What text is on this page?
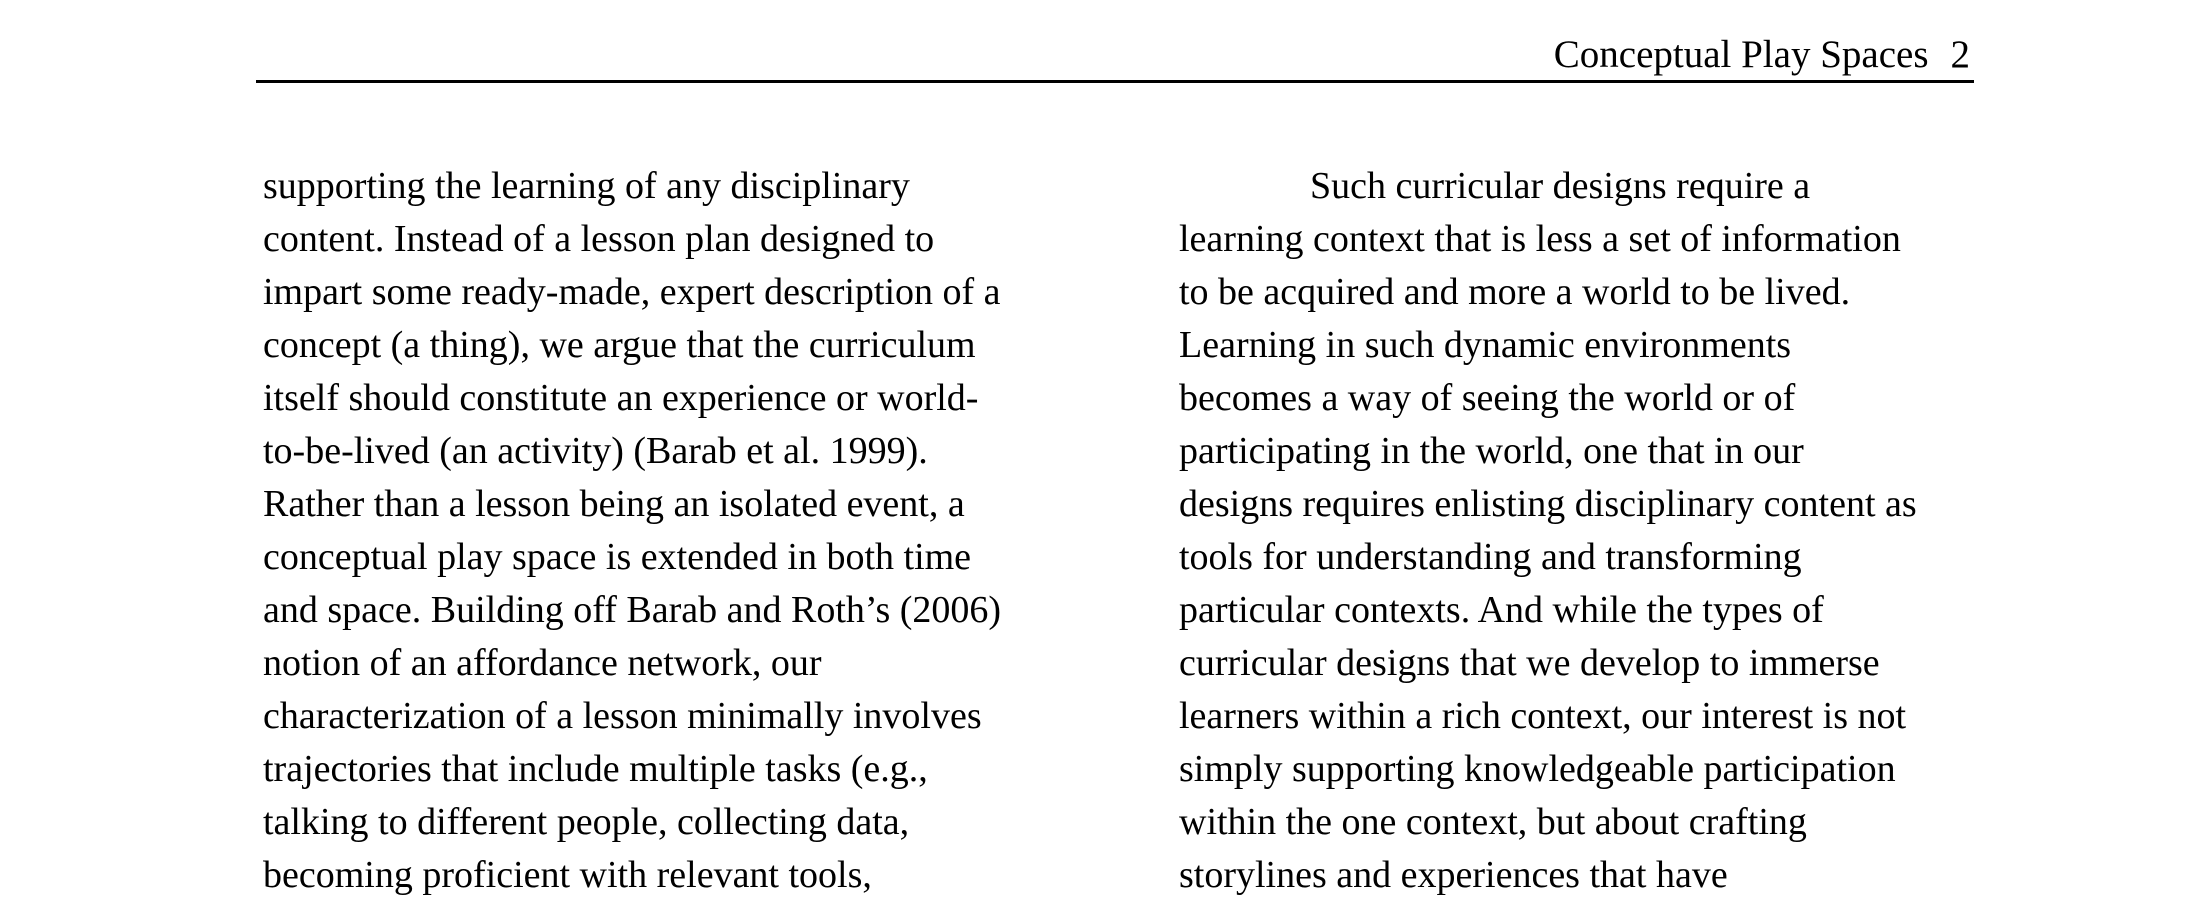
Conceptual Play Spaces 2
supporting the learning of any disciplinary
content. Instead of a lesson plan designed to
impart some ready-made, expert description of a
concept (a thing), we argue that the curriculum
itself should constitute an experience or world-
to-be-lived (an activity) (Barab et al. 1999).
Rather than a lesson being an isolated event, a
conceptual play space is extended in both time
and space. Building off Barab and Roth’s (2006)
notion of an affordance network, our
characterization of a lesson minimally involves
trajectories that include multiple tasks (e.g.,
talking to different people, collecting data,
becoming proficient with relevant tools,
Such curricular designs require a
learning context that is less a set of information
to be acquired and more a world to be lived.
Learning in such dynamic environments
becomes a way of seeing the world or of
participating in the world, one that in our
designs requires enlisting disciplinary content as
tools for understanding and transforming
particular contexts. And while the types of
curricular designs that we develop to immerse
learners within a rich context, our interest is not
simply supporting knowledgeable participation
within the one context, but about crafting
storylines and experiences that have
